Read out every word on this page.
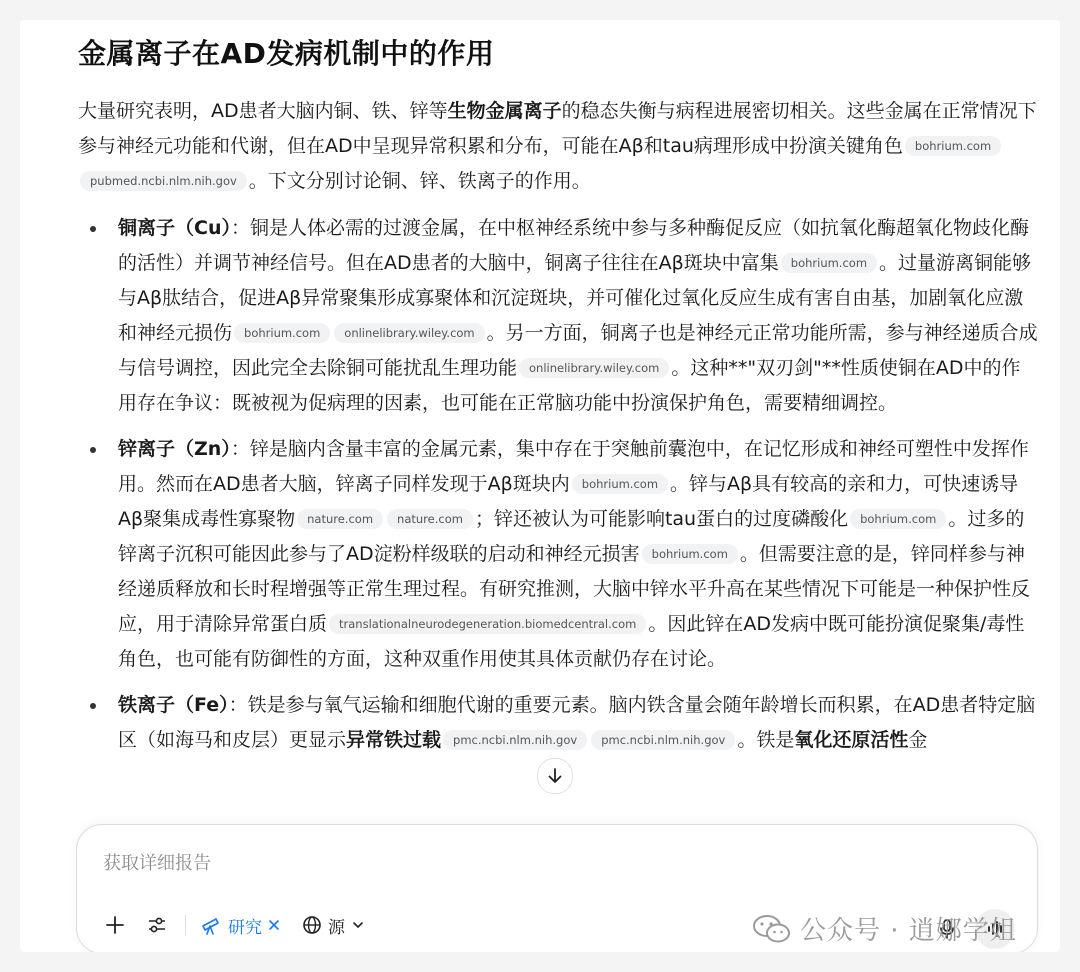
金属离子在AD发病机制中的作用

大量研究表明，AD患者大脑内铜、铁、锌等生物金属离子的稳态失衡与病程进展密切相关。这些金属在正常情况下参与神经元功能和代谢，但在AD中呈现异常积累和分布，可能在Aβ和tau病理形成中扮演关键角色 bohrium.compubmed.ncbi.nlm.nih.gov 。下文分别讨论铜、锌、铁离子的作用。

铜离子（Cu）：铜是人体必需的过渡金属，在中枢神经系统中参与多种酶促反应（如抗氧化酶超氧化物歧化酶的活性）并调节神经信号。但在AD患者的大脑中，铜离子往往在Aβ斑块中富集 bohrium.com 。过量游离铜能够与Aβ肽结合，促进Aβ异常聚集形成寡聚体和沉淀斑块，并可催化过氧化反应生成有害自由基，加剧氧化应激和神经元损伤 bohrium.com onlinelibrary.wiley.com 。另一方面，铜离子也是神经元正常功能所需，参与神经递质合成与信号调控，因此完全去除铜可能扰乱生理功能 onlinelibrary.wiley.com 。这种**"双刃剑"**性质使铜在AD中的作用存在争议：既被视为促病理的因素，也可能在正常脑功能中扮演保护角色，需要精细调控。
锌离子（Zn）：锌是脑内含量丰富的金属元素，集中存在于突触前囊泡中，在记忆形成和神经可塑性中发挥作用。然而在AD患者大脑，锌离子同样发现于Aβ斑块内 bohrium.com 。锌与Aβ具有较高的亲和力，可快速诱导Aβ聚集成毒性寡聚物 nature.com nature.com ；锌还被认为可能影响tau蛋白的过度磷酸化 bohrium.com 。过多的锌离子沉积可能因此参与了AD淀粉样级联的启动和神经元损害 bohrium.com 。但需要注意的是，锌同样参与神经递质释放和长时程增强等正常生理过程。有研究推测，大脑中锌水平升高在某些情况下可能是一种保护性反应，用于清除异常蛋白质 translationalneurodegeneration.biomedcentral.com 。因此锌在AD发病中既可能扮演促聚集/毒性角色，也可能有防御性的方面，这种双重作用使其具体贡献仍存在讨论。
铁离子（Fe）：铁是参与氧气运输和细胞代谢的重要元素。脑内铁含量会随年龄增长而积累，在AD患者特定脑区（如海马和皮层）更显示异常铁过载 pmc.ncbi.nlm.nih.gov pmc.ncbi.nlm.nih.gov 。铁是氧化还原活性金
获取详细报告
研究	源	公众号 · 逍娜学姐
